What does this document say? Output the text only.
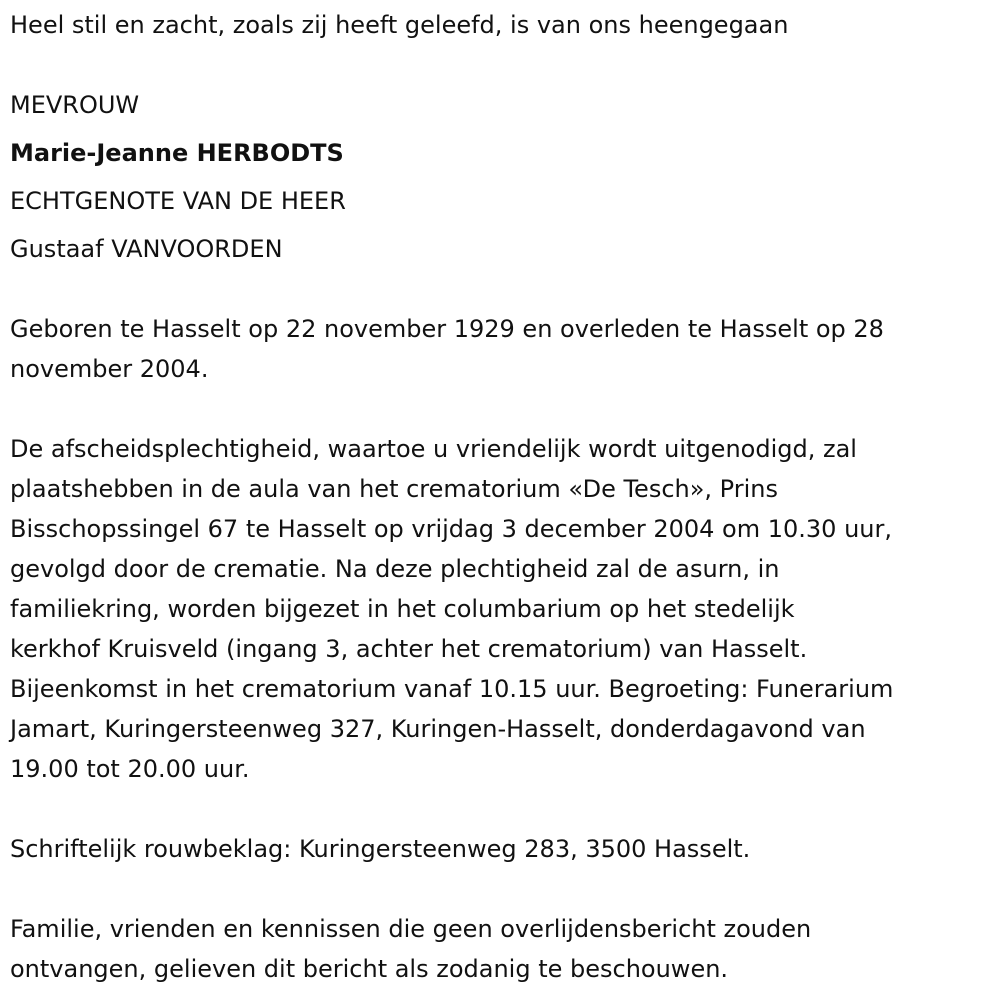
Heel stil en zacht, zoals zij heeft geleefd, is van ons heengegaan

MEVROUW

Marie-Jeanne HERBODTS

ECHTGENOTE VAN DE HEER

Gustaaf VANVOORDEN

Geboren te Hasselt op 22 november 1929 en overleden te Hasselt op 28
november 2004.
De afscheidsplechtigheid, waartoe u vriendelijk wordt uitgenodigd, zal
plaatshebben in de aula van het crematorium «De Tesch», Prins
Bisschopssingel 67 te Hasselt op vrijdag 3 december 2004 om 10.30 uur,
gevolgd door de crematie. Na deze plechtigheid zal de asurn, in
familiekring, worden bijgezet in het columbarium op het stedelijk
kerkhof Kruisveld (ingang 3, achter het crematorium) van Hasselt.
Bijeenkomst in het crematorium vanaf 10.15 uur. Begroeting: Funerarium
Jamart, Kuringersteenweg 327, Kuringen-Hasselt, donderdagavond van
19.00 tot 20.00 uur.
Schriftelijk rouwbeklag: Kuringersteenweg 283, 3500 Hasselt.
Familie, vrienden en kennissen die geen overlijdensbericht zouden
ontvangen, gelieven dit bericht als zodanig te beschouwen.
